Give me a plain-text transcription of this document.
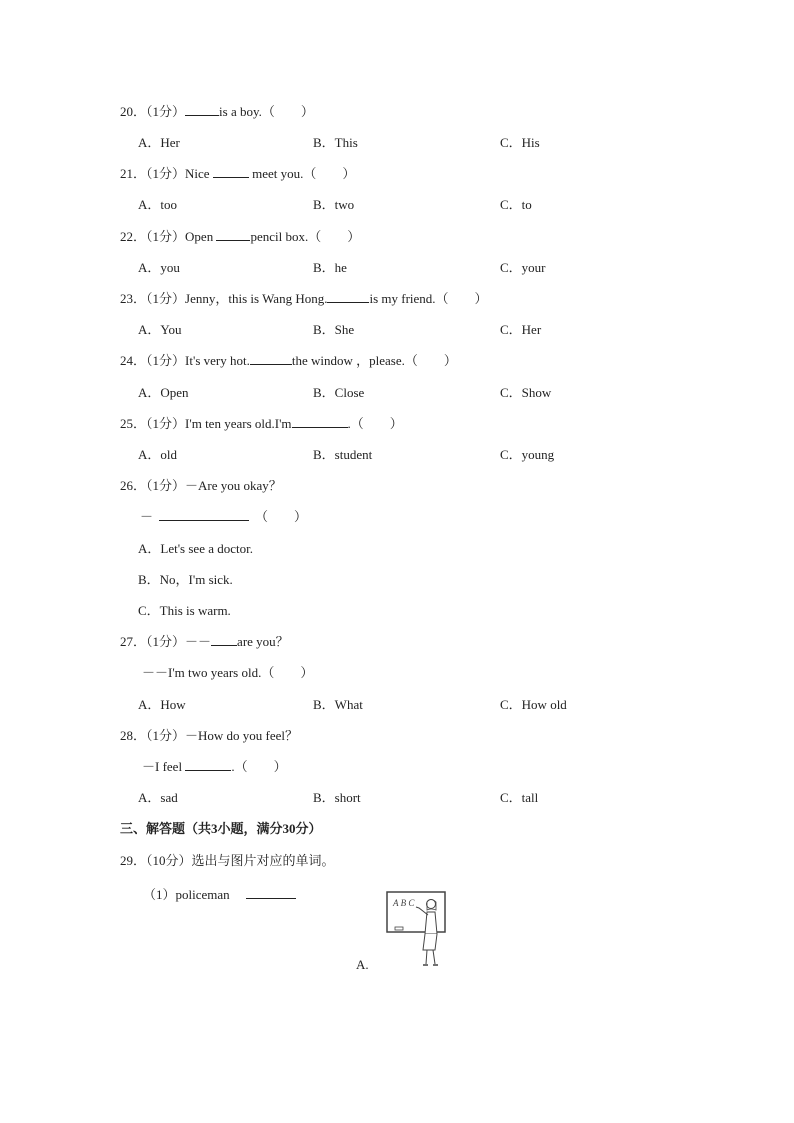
20．（1分）	is a boy.（　　）
A．Her	B．This	C．His
21．（1分）Nice	meet you.（　　）
A．too	B．two	C．to
22．（1分）Open	pencil box.（　　）
A．you	B．he	C．your
23．（1分）Jenny，this is Wang Hong.	is my friend.（　　）
A．You	B．She	C．Her
24．（1分）It's very hot.	the window ，please.（　　）
A．Open	B．Close	C．Show
25．（1分）I'm ten years old.I'm	.（　　）
A．old	B．student	C．young
26．（1分）－Are you okay？
－	（　　）
A．Let's see a doctor.
B．No，I'm sick.
C．This is warm.
27．（1分）－－ are you？
－－I'm two years old.（　　）
A．How	B．What	C．How old
28．（1分）－How do you feel？
－I feel	.（　　）
A．sad	B．short	C．tall
三、解答题（共3小题，满分30分）
29．（10分）选出与图片对应的单词。
（1）policeman
A B C
A.
